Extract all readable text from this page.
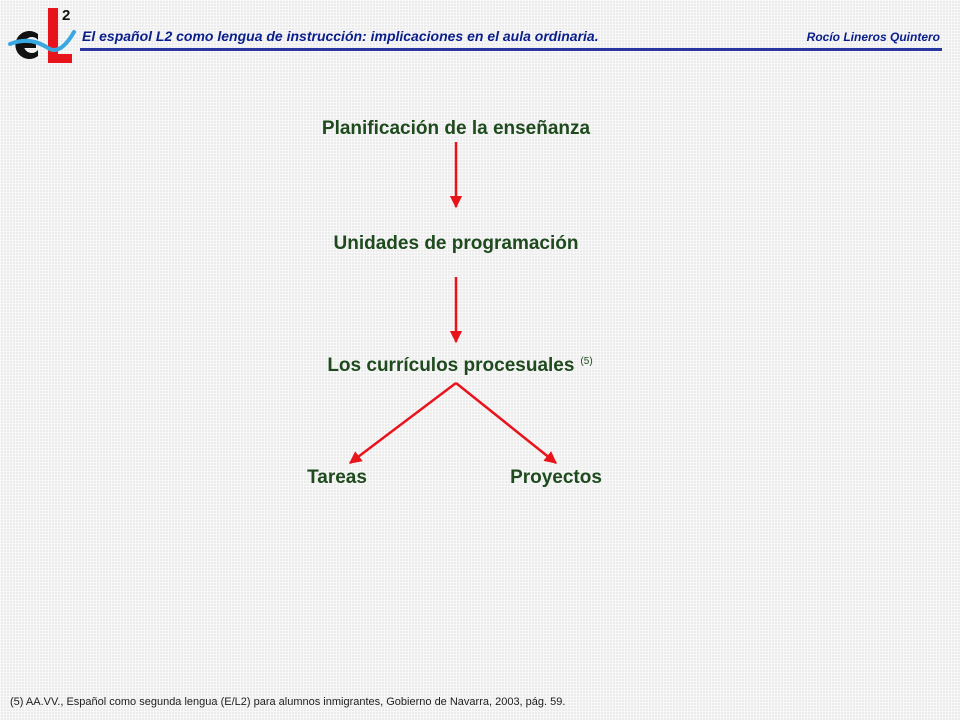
2
El español L2 como lengua de instrucción: implicaciones en el aula ordinaria.	Rocío Lineros Quintero
Planificación de la enseñanza
Unidades de programación
Los currículos procesuales $^{(5)}$
Tareas	Proyectos
(5) AA.VV., Español como segunda lengua (E/L2) para alumnos inmigrantes, Gobierno de Navarra, 2003, pág. 59.
